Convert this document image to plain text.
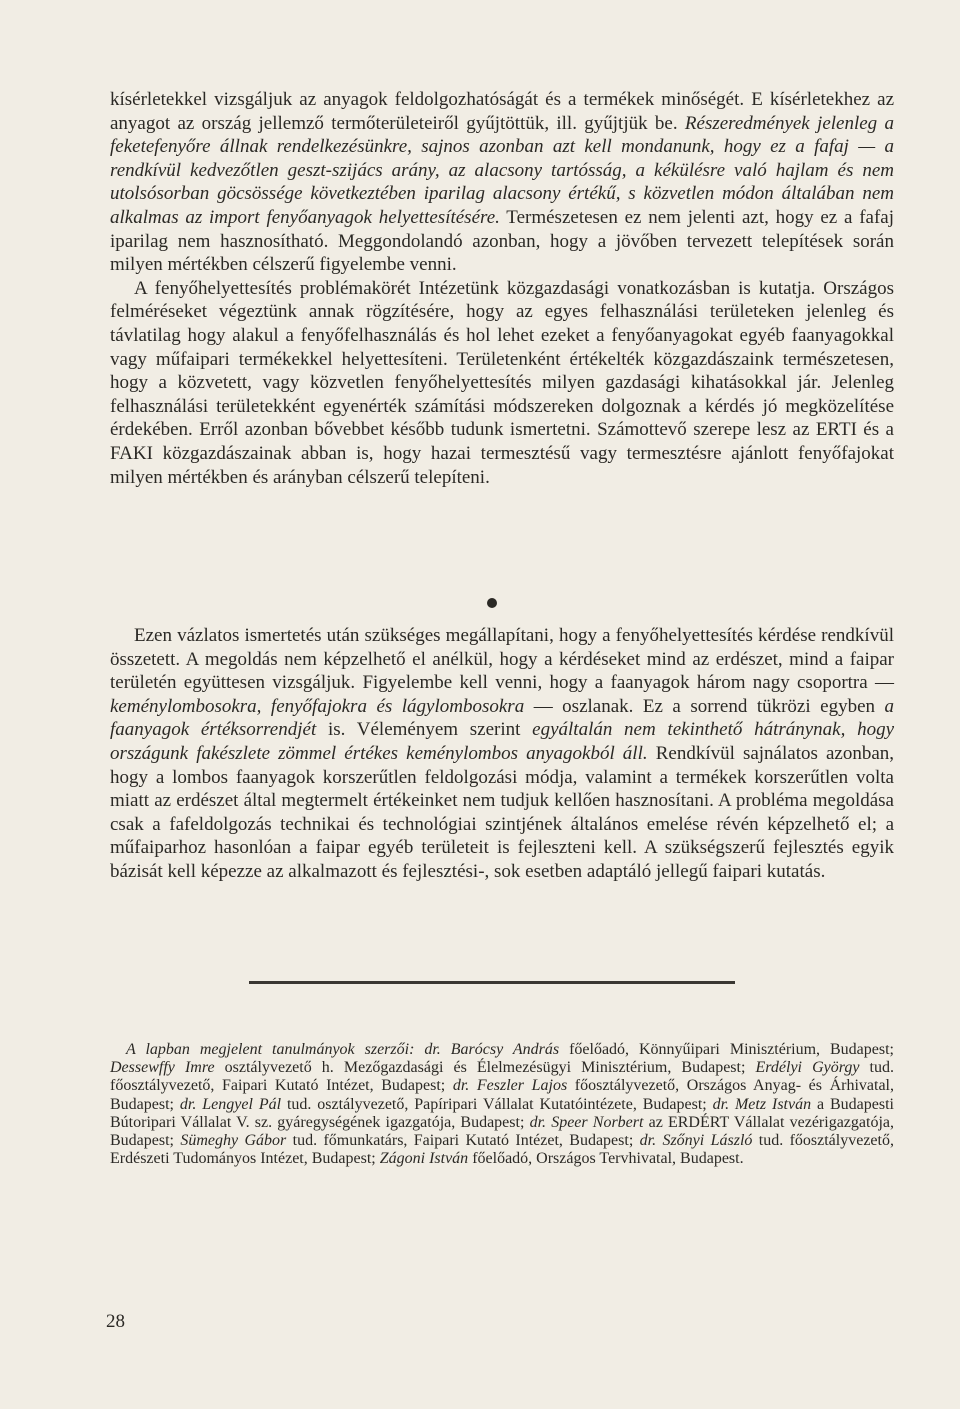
kísérletekkel vizsgáljuk az anyagok feldolgozhatóságát és a termékek minőségét. E kísérletekhez az anyagot az ország jellemző termőterületeiről gyűjtöttük, ill. gyűjtjük be. Részeredmények jelenleg a feketefenyőre állnak rendelkezésünkre, sajnos azonban azt kell mondanunk, hogy ez a fafaj — a rendkívül kedvezőtlen geszt-szijács arány, az alacsony tartósság, a kékülésre való hajlam és nem utolsósorban göcsössége következtében iparilag alacsony értékű, s közvetlen módon általában nem alkalmas az import fenyőanyagok helyettesítésére. Természetesen ez nem jelenti azt, hogy ez a fafaj iparilag nem hasznosítható. Meggondolandó azonban, hogy a jövőben tervezett telepítések során milyen mértékben célszerű figyelembe venni.

A fenyőhelyettesítés problémakörét Intézetünk közgazdasági vonatkozásban is kutatja. Országos felméréseket végeztünk annak rögzítésére, hogy az egyes felhasználási területeken jelenleg és távlatilag hogy alakul a fenyőfelhasználás és hol lehet ezeket a fenyőanyagokat egyéb faanyagokkal vagy műfaipari termékekkel helyettesíteni. Területenként értékelték közgazdászaink természetesen, hogy a közvetett, vagy közvetlen fenyőhelyettesítés milyen gazdasági kihatásokkal jár. Jelenleg felhasználási területekként egyenérték számítási módszereken dolgoznak a kérdés jó megközelítése érdekében. Erről azonban bővebbet később tudunk ismertetni. Számottevő szerepe lesz az ERTI és a FAKI közgazdászainak abban is, hogy hazai termesztésű vagy termesztésre ajánlott fenyőfajokat milyen mértékben és arányban célszerű telepíteni.

Ezen vázlatos ismertetés után szükséges megállapítani, hogy a fenyőhelyettesítés kérdése rendkívül összetett. A megoldás nem képzelhető el anélkül, hogy a kérdéseket mind az erdészet, mind a faipar területén együttesen vizsgáljuk. Figyelembe kell venni, hogy a faanyagok három nagy csoportra — keménylombosokra, fenyőfajokra és lágylombosokra — oszlanak. Ez a sorrend tükrözi egyben a faanyagok értéksorrendjét is. Véleményem szerint egyáltalán nem tekinthető hátránynak, hogy országunk fakészlete zömmel értékes keménylombos anyagokból áll. Rendkívül sajnálatos azonban, hogy a lombos faanyagok korszerűtlen feldolgozási módja, valamint a termékek korszerűtlen volta miatt az erdészet által megtermelt értékeinket nem tudjuk kellően hasznosítani. A probléma megoldása csak a fafeldolgozás technikai és technológiai szintjének általános emelése révén képzelhető el; a műfaiparhoz hasonlóan a faipar egyéb területeit is fejleszteni kell. A szükségszerű fejlesztés egyik bázisát kell képezze az alkalmazott és fejlesztési-, sok esetben adaptáló jellegű faipari kutatás.

A lapban megjelent tanulmányok szerzői: dr. Barócsy András főelőadó, Könnyűipari Minisztérium, Budapest; Dessewffy Imre osztályvezető h. Mezőgazdasági és Élelmezésügyi Minisztérium, Budapest; Erdélyi György tud. főosztályvezető, Faipari Kutató Intézet, Budapest; dr. Feszler Lajos főosztályvezető, Országos Anyag- és Árhivatal, Budapest; dr. Lengyel Pál tud. osztályvezető, Papíripari Vállalat Kutatóintézete, Budapest; dr. Metz István a Budapesti Bútoripari Vállalat V. sz. gyáregységének igazgatója, Budapest; dr. Speer Norbert az ERDÉRT Vállalat vezérigazgatója, Budapest; Sümeghy Gábor tud. főmunkatárs, Faipari Kutató Intézet, Budapest; dr. Szőnyi László tud. főosztályvezető, Erdészeti Tudományos Intézet, Budapest; Zágoni István főelőadó, Országos Tervhivatal, Budapest.

28
